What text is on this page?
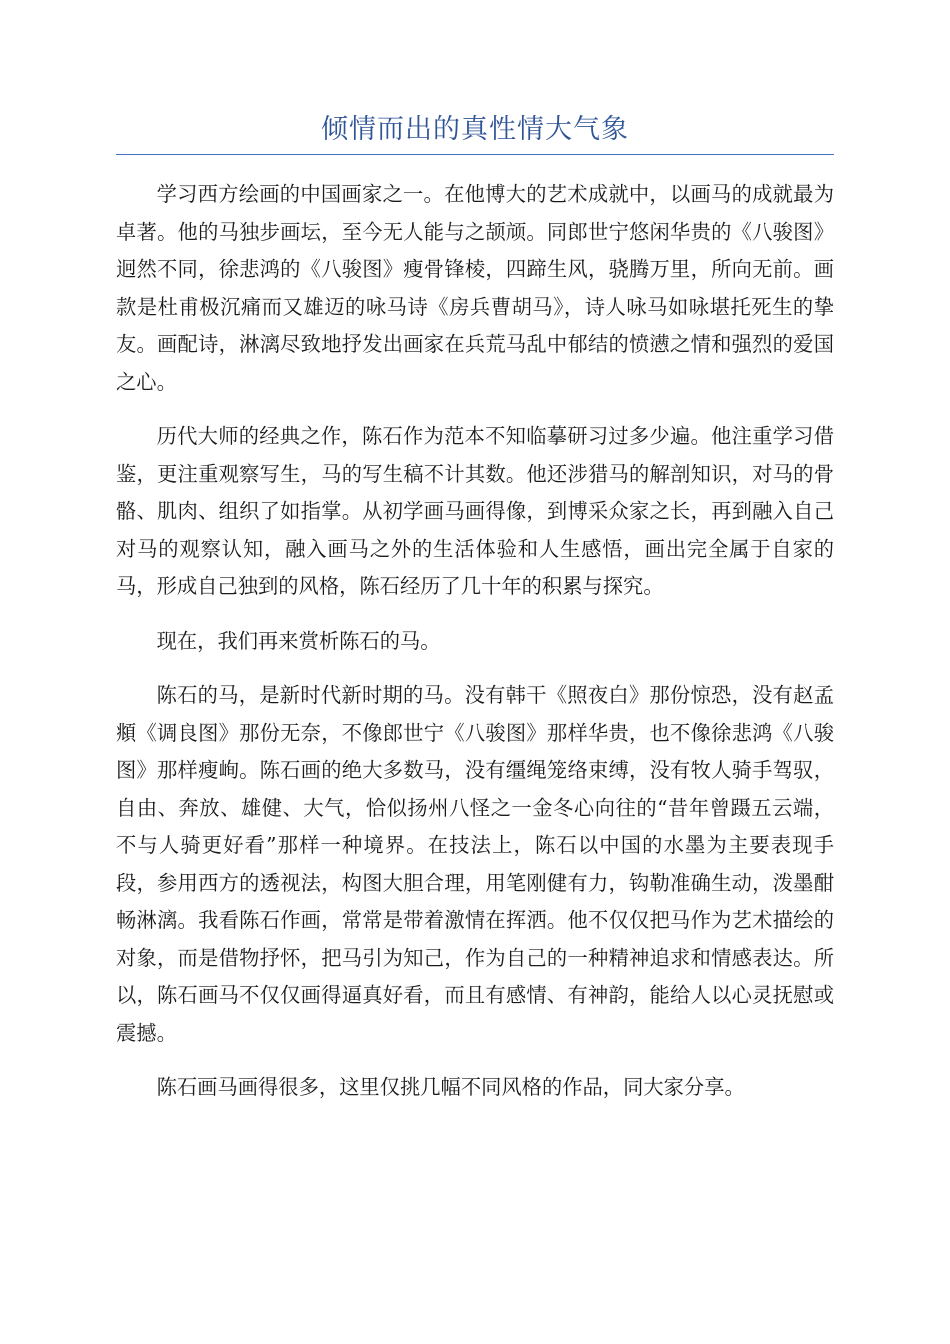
倾情而出的真性情大气象

学习西方绘画的中国画家之一。在他博大的艺术成就中，以画马的成就最为卓著。他的马独步画坛，至今无人能与之颉颃。同郎世宁悠闲华贵的《八骏图》迥然不同，徐悲鸿的《八骏图》瘦骨锋棱，四蹄生风，骁腾万里，所向无前。画款是杜甫极沉痛而又雄迈的咏马诗《房兵曹胡马》，诗人咏马如咏堪托死生的挚友。画配诗，淋漓尽致地抒发出画家在兵荒马乱中郁结的愤懑之情和强烈的爱国之心。

历代大师的经典之作，陈石作为范本不知临摹研习过多少遍。他注重学习借鉴，更注重观察写生，马的写生稿不计其数。他还涉猎马的解剖知识，对马的骨骼、肌肉、组织了如指掌。从初学画马画得像，到博采众家之长，再到融入自己对马的观察认知，融入画马之外的生活体验和人生感悟，画出完全属于自家的马，形成自己独到的风格，陈石经历了几十年的积累与探究。

现在，我们再来赏析陈石的马。

陈石的马，是新时代新时期的马。没有韩干《照夜白》那份惊恐，没有赵孟頫《调良图》那份无奈，不像郎世宁《八骏图》那样华贵，也不像徐悲鸿《八骏图》那样瘦峋。陈石画的绝大多数马，没有缰绳笼络束缚，没有牧人骑手驾驭，自由、奔放、雄健、大气，恰似扬州八怪之一金冬心向往的“昔年曾蹑五云端，不与人骑更好看”那样一种境界。在技法上，陈石以中国的水墨为主要表现手段，参用西方的透视法，构图大胆合理，用笔刚健有力，钩勒准确生动，泼墨酣畅淋漓。我看陈石作画，常常是带着激情在挥洒。他不仅仅把马作为艺术描绘的对象，而是借物抒怀，把马引为知己，作为自己的一种精神追求和情感表达。所以，陈石画马不仅仅画得逼真好看，而且有感情、有神韵，能给人以心灵抚慰或震撼。

陈石画马画得很多，这里仅挑几幅不同风格的作品，同大家分享。
